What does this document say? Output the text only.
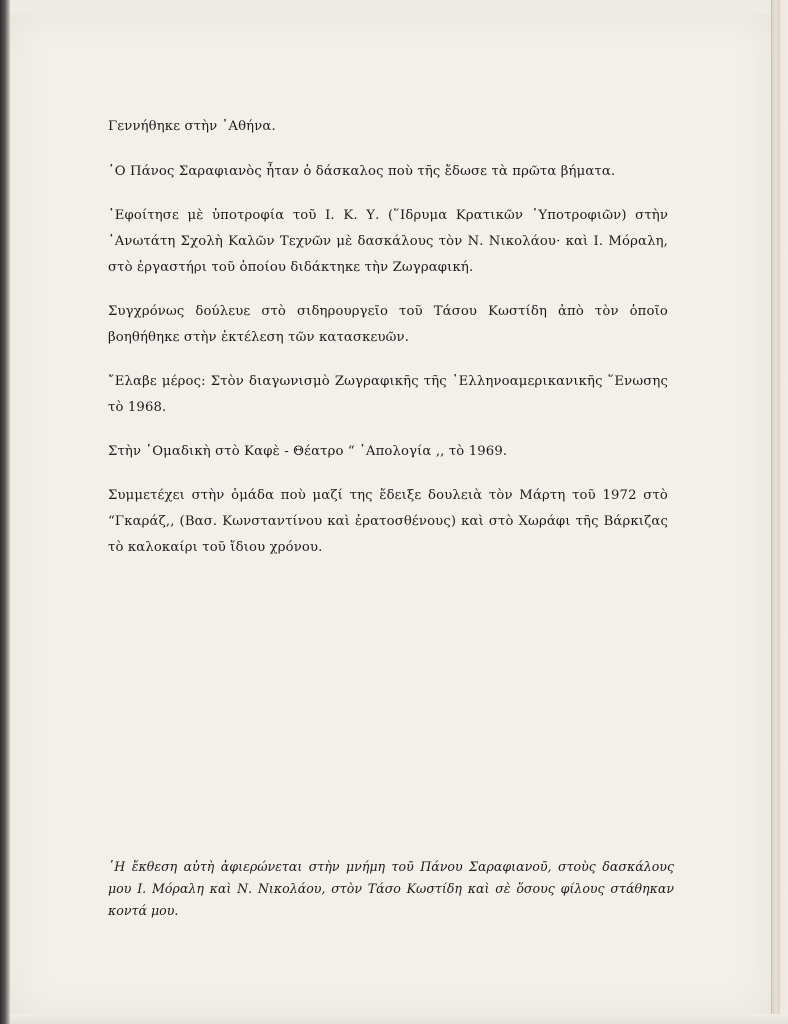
Γεννήθηκε στὴν ᾿Αθήνα.

῾Ο Πάνος Σαραφιανὸς ἦταν ὁ δάσκαλος ποὺ τῆς ἔδωσε τὰ πρῶτα βήματα.

᾿Εφοίτησε μὲ ὑποτροφία τοῦ Ι. Κ. Υ. (῞Ιδρυμα Κρατικῶν ῾Υποτροφιῶν) στὴν ᾿Ανωτάτη Σχολὴ Καλῶν Τεχνῶν μὲ δασκάλους τὸν Ν. Νικολάου· καὶ Ι. Μόραλη, στὸ ἐργαστήρι τοῦ ὁποίου διδάκτηκε τὴν Ζωγραφική.

Συγχρόνως δούλευε στὸ σιδηρουργεῖο τοῦ Τάσου Κωστίδη ἀπὸ τὸν ὁποῖο βοηθήθηκε στὴν ἐκτέλεση τῶν κατασκευῶν.

῎Ελαβε μέρος: Στὸν διαγωνισμὸ Ζωγραφικῆς τῆς ῾Ελληνοαμερικανικῆς ῞Ενωσης τὸ 1968.

Στὴν ῾Ομαδικὴ στὸ Καφὲ - Θέατρο “ ᾿Απολογία ,, τὸ 1969.

Συμμετέχει στὴν ὁμάδα ποὺ μαζί της ἔδειξε δουλειὰ τὸν Μάρτη τοῦ 1972 στὸ “Γκαράζ,, (Βασ. Κωνσταντίνου καὶ ἐρατοσθένους) καὶ στὸ Χωράφι τῆς Βάρκιζας τὸ καλοκαίρι τοῦ ἴδιου χρόνου.

῾Η ἔκθεση αὐτὴ ἀφιερώνεται στὴν μνήμη τοῦ Πάνου Σαραφιανοῦ, στοὺς δασκάλους μου Ι. Μόραλη καὶ Ν. Νικολάου, στὸν Τάσο Κωστίδη καὶ σὲ ὅσους φίλους στάθηκαν κοντά μου.
